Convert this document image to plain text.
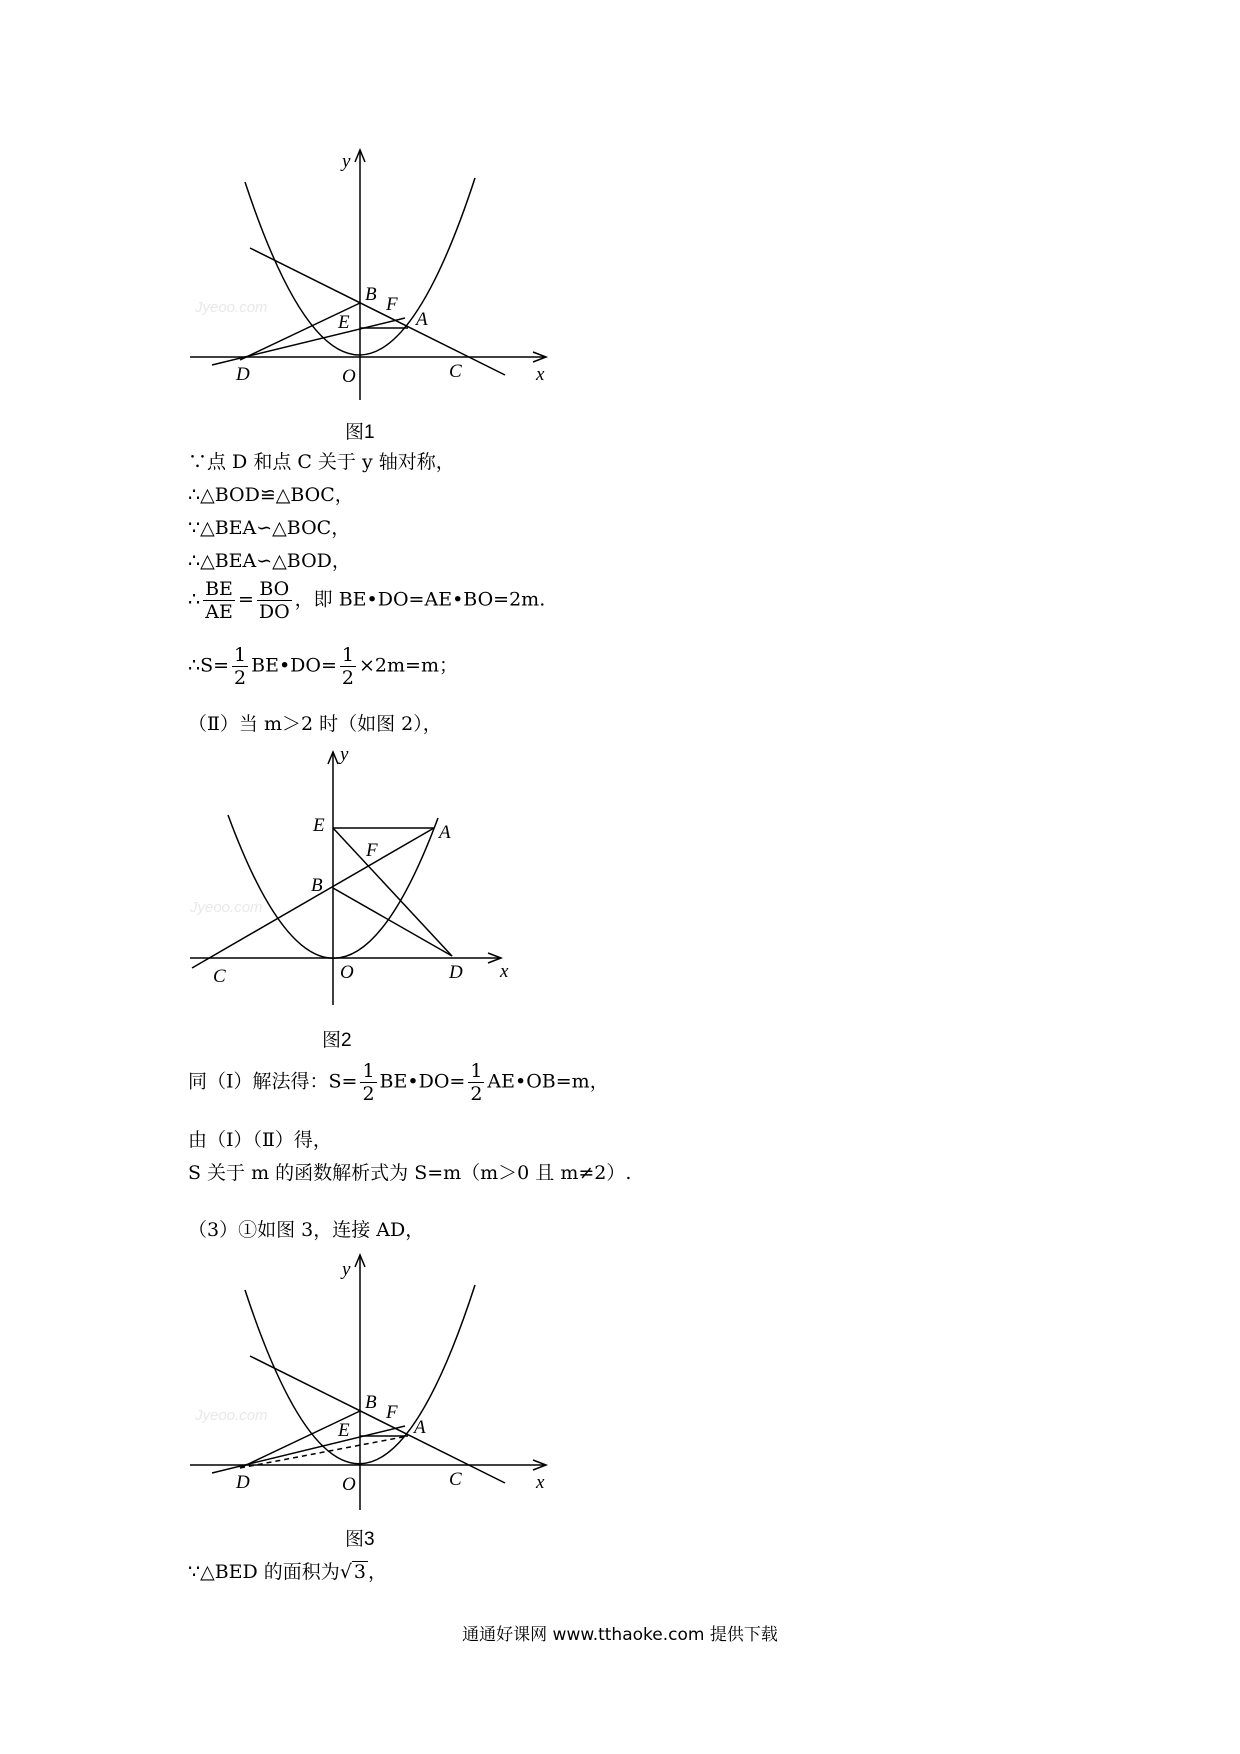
Jyeoo.com
y
x
B F
E	A
D	O	C
图1
∵点 D 和点 C 关于 y 轴对称，
∴△BOD≌△BOC，
∵△BEA∽△BOC，
∴△BEA∽△BOD，
∴ $\frac{BE}{AE} = \frac{BO}{DO}$ ，即 BE•DO=AE•BO=2m.
∴S= $\frac{1}{2}$ BE•DO= $\frac{1}{2} \times 2m=m$；
（Ⅱ）当 m＞2 时（如图 2），
Jyeoo.com
y
x
E	A
F
B
C	O	D
图2
同（Ⅰ）解法得：$S= \frac{1}{2}$ BE•DO= $\frac{1}{2}$ AE•OB=m，
由（Ⅰ）（Ⅱ）得，
S 关于 m 的函数解析式为 S=m（m＞0 且 m≠2）.
（3）①如图 3，连接 AD，
Jyeoo.com
y
x
B F
E	A
D	O	C
图3
∵△BED 的面积为√ 3 ，
通通好课网 www.tthaoke.com 提供下载
